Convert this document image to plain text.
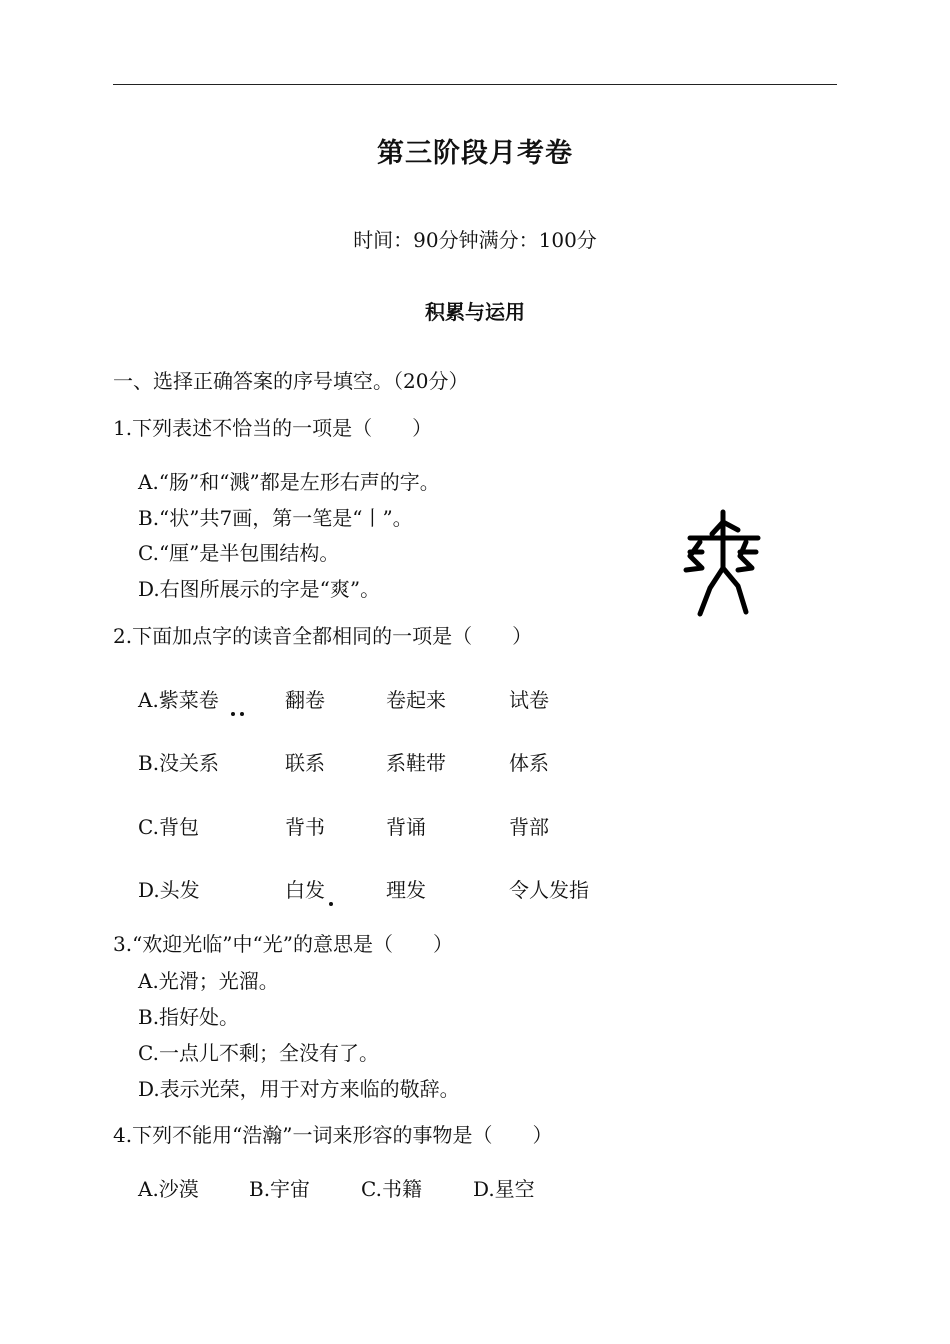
第三阶段月考卷
时间：90分钟满分：100分
积累与运用
一、选择正确答案的序号填空。（20分）
1.下列表述不恰当的一项是（　　）
A.“肠”和“溅”都是左形右声的字。
B.“状”共7画，第一笔是“丨”。
C.“厘”是半包围结构。
D.右图所展示的字是“爽”。
2.下面加点字的读音全都相同的一项是（　　）
A.紫菜卷	翻卷	卷起来	试卷
B.没关系	联系	系鞋带	体系
C.背包	背书	背诵	背部
D.头发	白发	理发	令人发指
3.“欢迎光临”中“光”的意思是（　　）
A.光滑；光溜。
B.指好处。
C.一点儿不剩；全没有了。
D.表示光荣，用于对方来临的敬辞。
4.下列不能用“浩瀚”一词来形容的事物是（　　）
A.沙漠	B.宇宙	C.书籍	D.星空
